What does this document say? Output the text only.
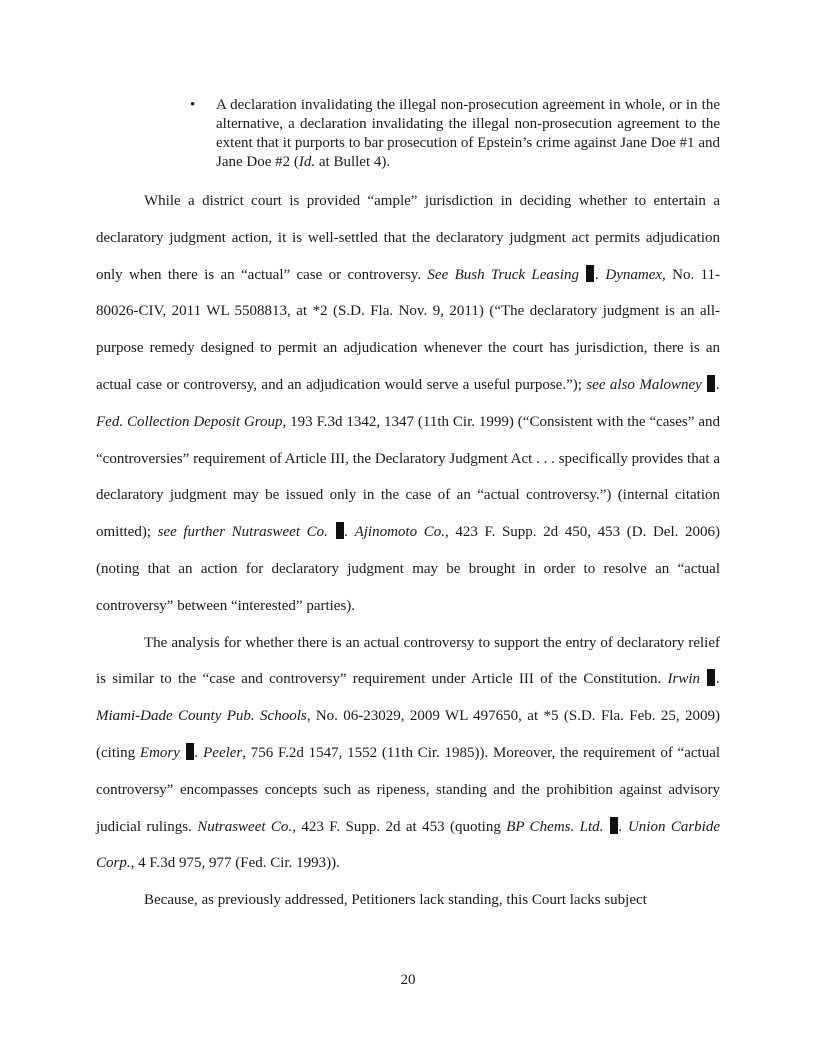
• A declaration invalidating the illegal non-prosecution agreement in whole, or in the alternative, a declaration invalidating the illegal non-prosecution agreement to the extent that it purports to bar prosecution of Epstein’s crime against Jane Doe #1 and Jane Doe #2 (Id. at Bullet 4).

While a district court is provided “ample” jurisdiction in deciding whether to entertain a declaratory judgment action, it is well-settled that the declaratory judgment act permits adjudication only when there is an “actual” case or controversy. See Bush Truck Leasing . Dynamex, No. 11-80026-CIV, 2011 WL 5508813, at *2 (S.D. Fla. Nov. 9, 2011) (“The declaratory judgment is an all-purpose remedy designed to permit an adjudication whenever the court has jurisdiction, there is an actual case or controversy, and an adjudication would serve a useful purpose.”); see also Malowney . Fed. Collection Deposit Group, 193 F.3d 1342, 1347 (11th Cir. 1999) (“Consistent with the “cases” and “controversies” requirement of Article III, the Declaratory Judgment Act . . . specifically provides that a declaratory judgment may be issued only in the case of an “actual controversy.”) (internal citation omitted); see further Nutrasweet Co. . Ajinomoto Co., 423 F. Supp. 2d 450, 453 (D. Del. 2006) (noting that an action for declaratory judgment may be brought in order to resolve an “actual controversy” between “interested” parties).

The analysis for whether there is an actual controversy to support the entry of declaratory relief is similar to the “case and controversy” requirement under Article III of the Constitution. Irwin . Miami-Dade County Pub. Schools, No. 06-23029, 2009 WL 497650, at *5 (S.D. Fla. Feb. 25, 2009) (citing Emory . Peeler, 756 F.2d 1547, 1552 (11th Cir. 1985)). Moreover, the requirement of “actual controversy” encompasses concepts such as ripeness, standing and the prohibition against advisory judicial rulings. Nutrasweet Co., 423 F. Supp. 2d at 453 (quoting BP Chems. Ltd. . Union Carbide Corp., 4 F.3d 975, 977 (Fed. Cir. 1993)).

Because, as previously addressed, Petitioners lack standing, this Court lacks subject

20
